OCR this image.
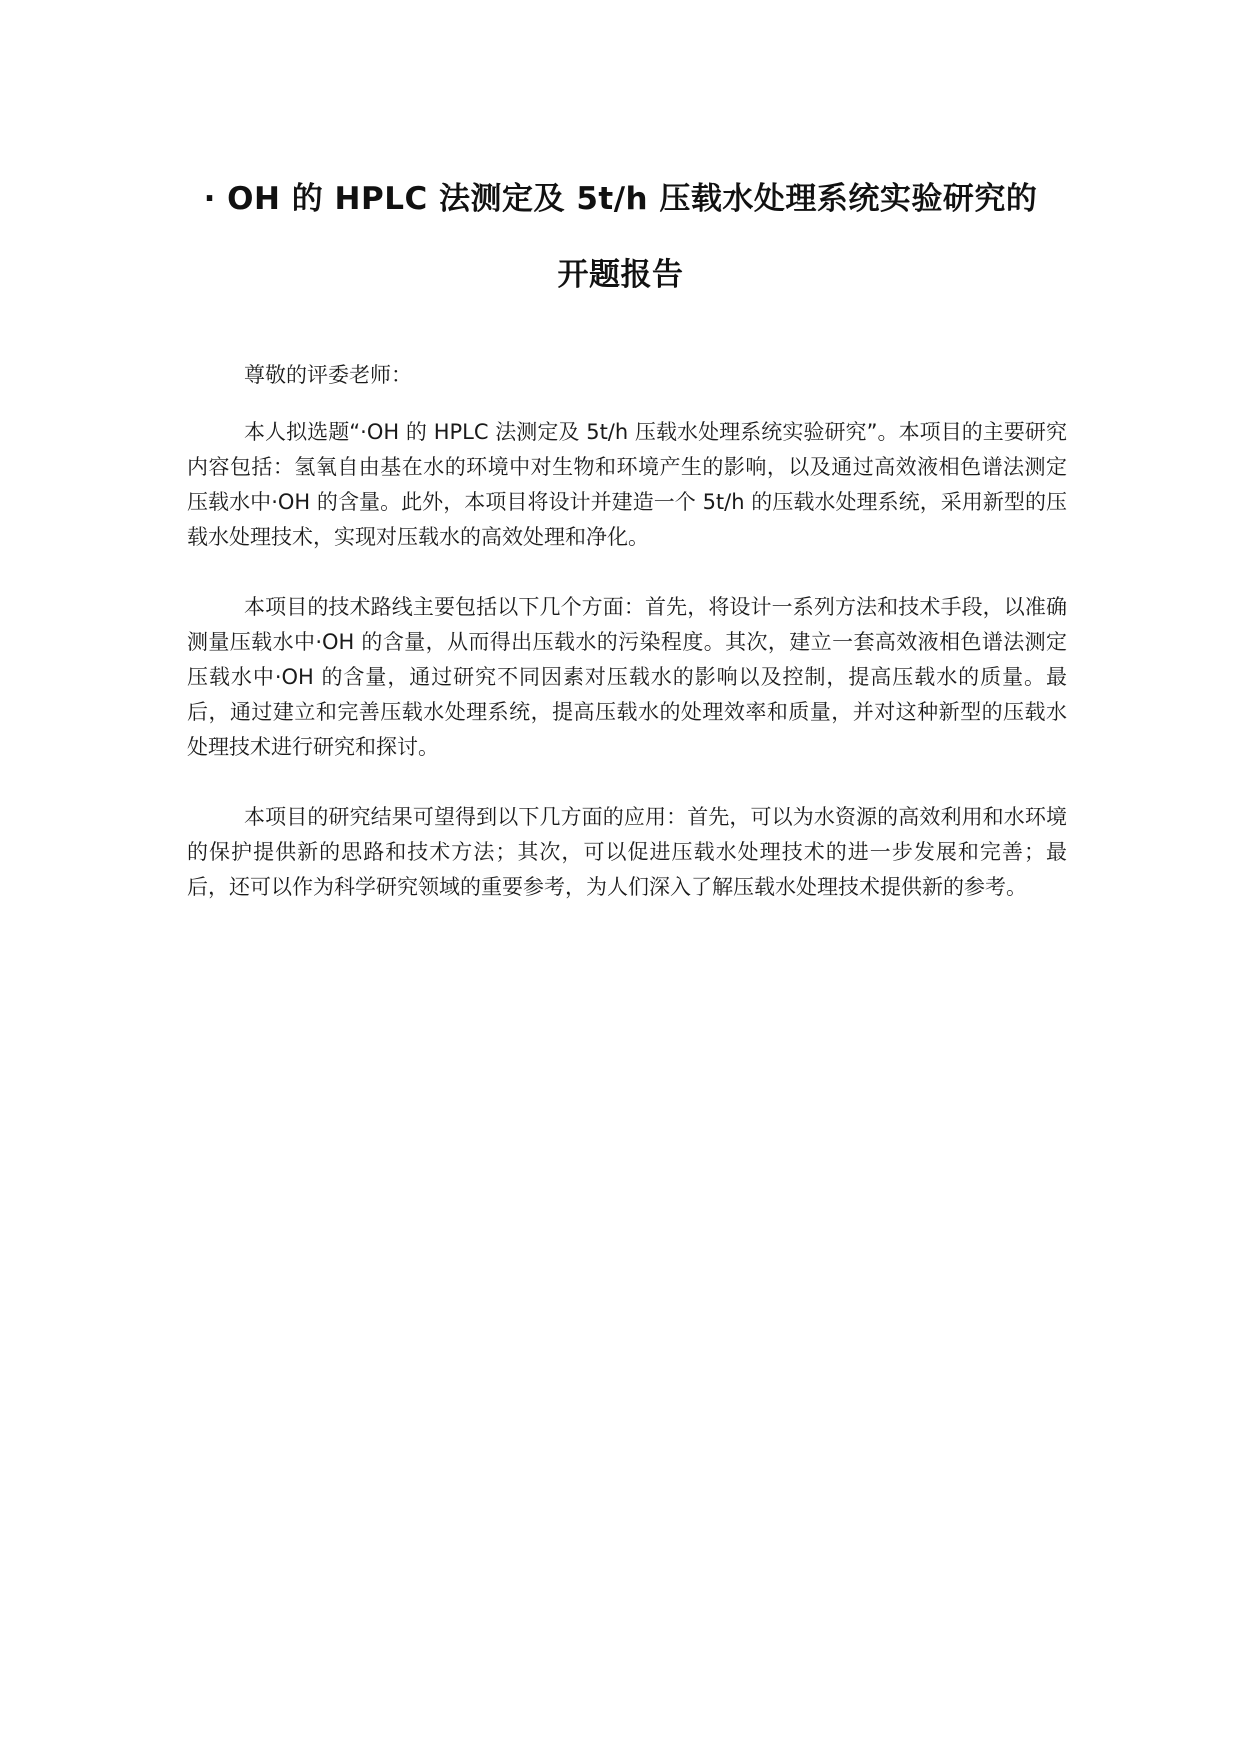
· OH 的 HPLC 法测定及 5t/h 压载水处理系统实验研究的
开题报告
尊敬的评委老师：

本人拟选题“·OH 的 HPLC 法测定及 5t/h 压载水处理系统实验研究”。本项目的主要研究内容包括：氢氧自由基在水的环境中对生物和环境产生的影响，以及通过高效液相色谱法测定压载水中·OH 的含量。此外，本项目将设计并建造一个 5t/h 的压载水处理系统，采用新型的压载水处理技术，实现对压载水的高效处理和净化。

本项目的技术路线主要包括以下几个方面：首先，将设计一系列方法和技术手段，以准确测量压载水中·OH 的含量，从而得出压载水的污染程度。其次，建立一套高效液相色谱法测定压载水中·OH 的含量，通过研究不同因素对压载水的影响以及控制，提高压载水的质量。最后，通过建立和完善压载水处理系统，提高压载水的处理效率和质量，并对这种新型的压载水处理技术进行研究和探讨。

本项目的研究结果可望得到以下几方面的应用：首先，可以为水资源的高效利用和水环境的保护提供新的思路和技术方法；其次，可以促进压载水处理技术的进一步发展和完善；最后，还可以作为科学研究领域的重要参考，为人们深入了解压载水处理技术提供新的参考。
